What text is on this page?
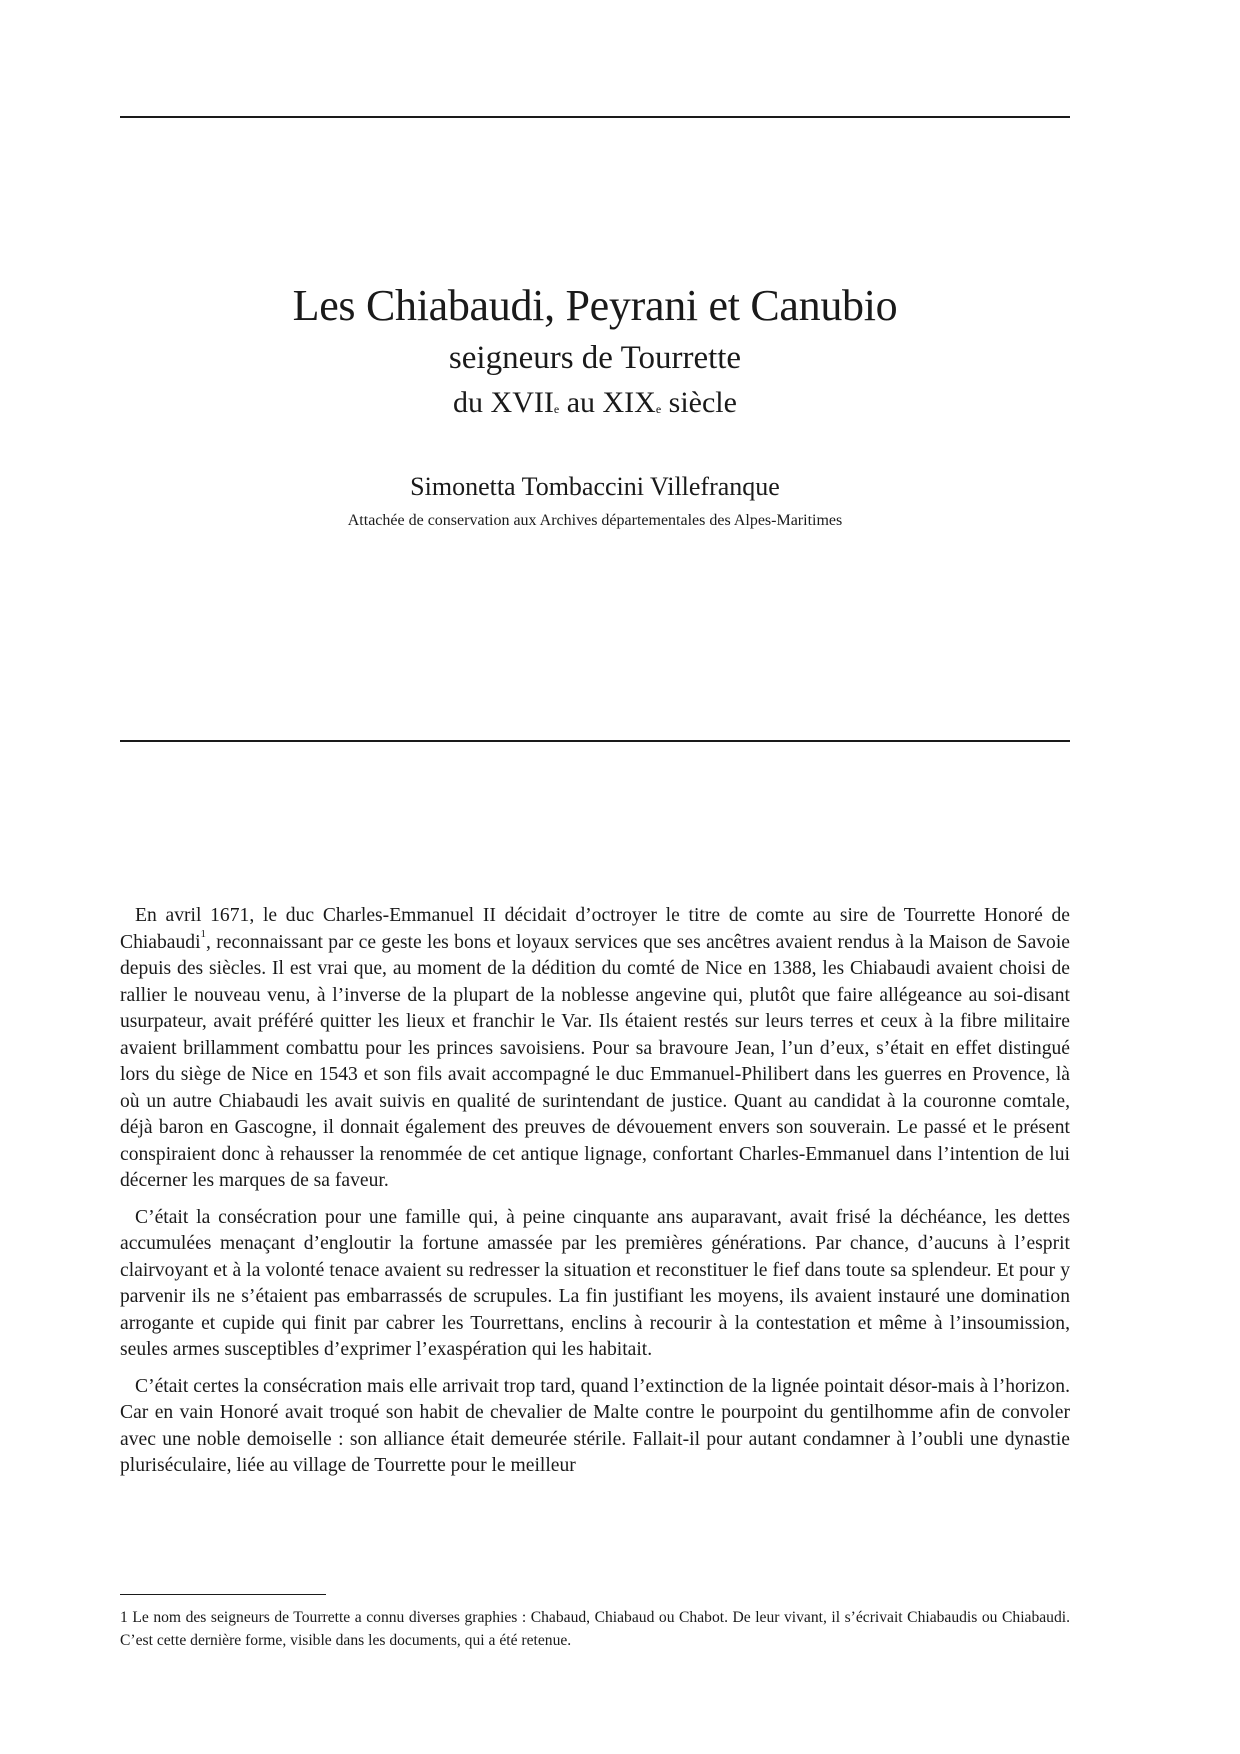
Les Chiabaudi, Peyrani et Canubio
seigneurs de Tourrette
du XVIIe au XIXe siècle
Simonetta Tombaccini Villefranque
Attachée de conservation aux Archives départementales des Alpes-Maritimes

En avril 1671, le duc Charles-Emmanuel II décidait d’octroyer le titre de comte au sire de Tourrette Honoré de Chiabaudi$^1$, reconnaissant par ce geste les bons et loyaux services que ses ancêtres avaient rendus à la Maison de Savoie depuis des siècles. Il est vrai que, au moment de la dédition du comté de Nice en 1388, les Chiabaudi avaient choisi de rallier le nouveau venu, à l’inverse de la plupart de la noblesse angevine qui, plutôt que faire allégeance au soi-disant usurpateur, avait préféré quitter les lieux et franchir le Var. Ils étaient restés sur leurs terres et ceux à la fibre militaire avaient brillamment combattu pour les princes savoisiens. Pour sa bravoure Jean, l’un d’eux, s’était en effet distingué lors du siège de Nice en 1543 et son fils avait accompagné le duc Emmanuel-Philibert dans les guerres en Provence, là où un autre Chiabaudi les avait suivis en qualité de surintendant de justice. Quant au candidat à la couronne comtale, déjà baron en Gascogne, il donnait également des preuves de dévouement envers son souverain. Le passé et le présent conspiraient donc à rehausser la renommée de cet antique lignage, confortant Charles-Emmanuel dans l’intention de lui décerner les marques de sa faveur.

C’était la consécration pour une famille qui, à peine cinquante ans auparavant, avait frisé la déchéance, les dettes accumulées menaçant d’engloutir la fortune amassée par les premières générations. Par chance, d’aucuns à l’esprit clairvoyant et à la volonté tenace avaient su redresser la situation et reconstituer le fief dans toute sa splendeur. Et pour y parvenir ils ne s’étaient pas embarrassés de scrupules. La fin justifiant les moyens, ils avaient instauré une domination arrogante et cupide qui finit par cabrer les Tourrettans, enclins à recourir à la contestation et même à l’insoumission, seules armes susceptibles d’exprimer l’exaspération qui les habitait.

C’était certes la consécration mais elle arrivait trop tard, quand l’extinction de la lignée pointait désor-mais à l’horizon. Car en vain Honoré avait troqué son habit de chevalier de Malte contre le pourpoint du gentilhomme afin de convoler avec une noble demoiselle : son alliance était demeurée stérile. Fallait-il pour autant condamner à l’oubli une dynastie pluriséculaire, liée au village de Tourrette pour le meilleur

1 Le nom des seigneurs de Tourrette a connu diverses graphies : Chabaud, Chiabaud ou Chabot. De leur vivant, il s’écrivait Chiabaudis ou Chiabaudi. C’est cette dernière forme, visible dans les documents, qui a été retenue.
